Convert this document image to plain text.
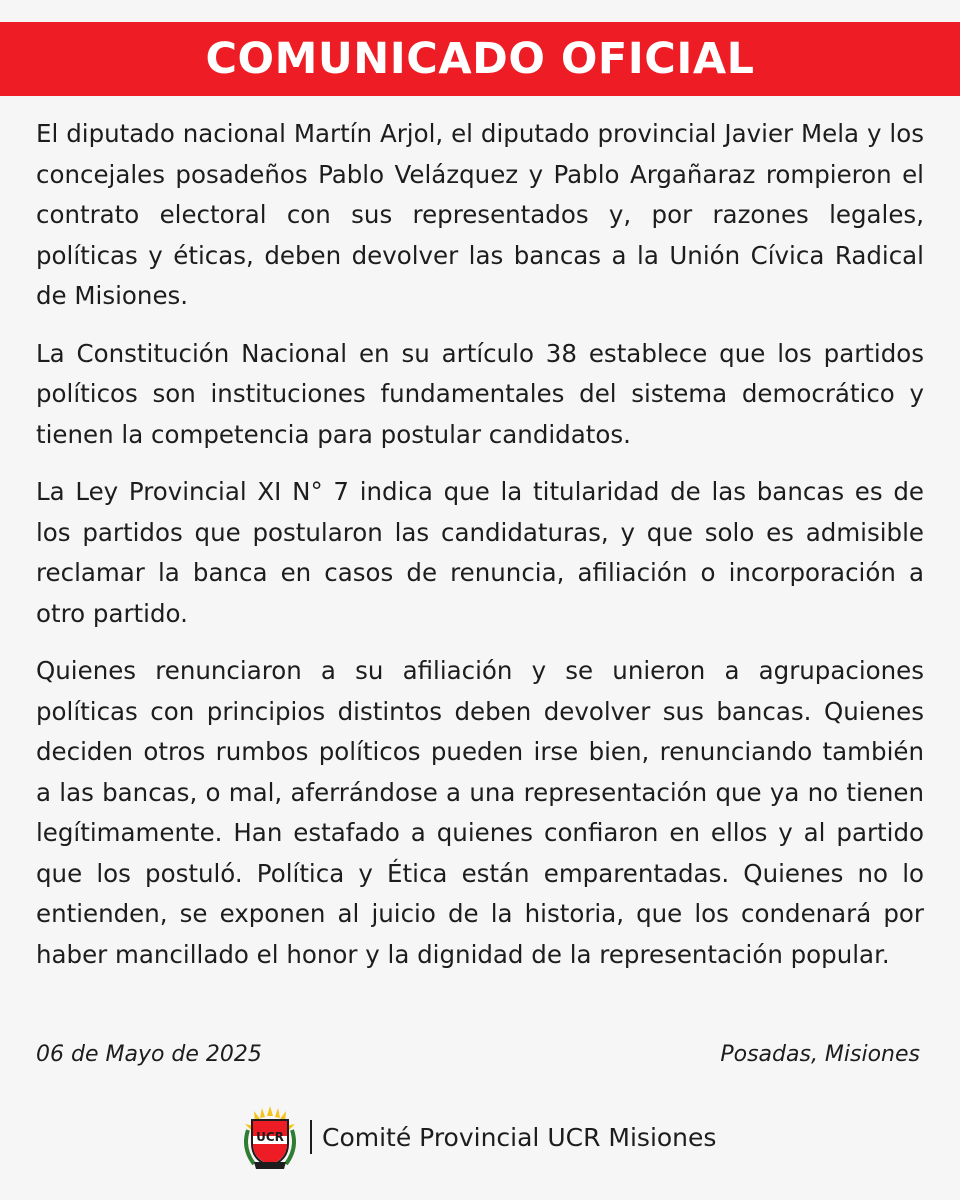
COMUNICADO OFICIAL

El diputado nacional Martín Arjol, el diputado provincial Javier Mela y los concejales posadeños Pablo Velázquez y Pablo Argañaraz rompieron el contrato electoral con sus representados y, por razones legales, políticas y éticas, deben devolver las bancas a la Unión Cívica Radical de Misiones.

La Constitución Nacional en su artículo 38 establece que los partidos políticos son instituciones fundamentales del sistema democrático y tienen la competencia para postular candidatos.

La Ley Provincial XI N° 7 indica que la titularidad de las bancas es de los partidos que postularon las candidaturas, y que solo es admisible reclamar la banca en casos de renuncia, afiliación o incorporación a otro partido.

Quienes renunciaron a su afiliación y se unieron a agrupaciones políticas con principios distintos deben devolver sus bancas. Quienes deciden otros rumbos políticos pueden irse bien, renunciando también a las bancas, o mal, aferrándose a una representación que ya no tienen legítimamente. Han estafado a quienes confiaron en ellos y al partido que los postuló. Política y Ética están emparentadas. Quienes no lo entienden, se exponen al juicio de la historia, que los condenará por haber mancillado el honor y la dignidad de la representación popular.

06 de Mayo de 2025	Posadas, Misiones
UCR Comité Provincial UCR Misiones
